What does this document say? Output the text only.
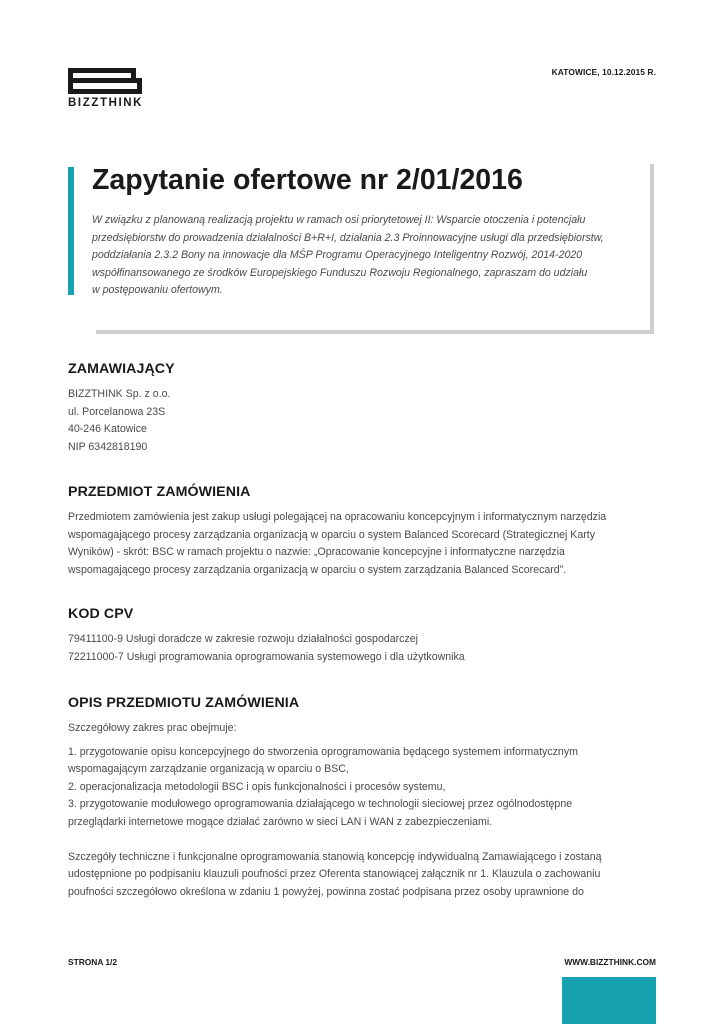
BIZZTHINK
KATOWICE, 10.12.2015 R.
Zapytanie ofertowe nr 2/01/2016
W związku z planowaną realizacją projektu w ramach osi priorytetowej II: Wsparcie otoczenia i potencjału
przedsiębiorstw do prowadzenia działalności B+R+I, działania 2.3 Proinnowacyjne usługi dla przedsiębiorstw,
poddziałania 2.3.2 Bony na innowacje dla MŚP Programu Operacyjnego Inteligentny Rozwój, 2014-2020
współfinansowanego ze środków Europejskiego Funduszu Rozwoju Regionalnego, zapraszam do udziału
w postępowaniu ofertowym.
ZAMAWIAJĄCY

BIZZTHINK Sp. z o.o.
ul. Porcelanowa 23S
40-246 Katowice
NIP 6342818190

PRZEDMIOT ZAMÓWIENIA

Przedmiotem zamówienia jest zakup usługi polegającej na opracowaniu koncepcyjnym i informatycznym narzędzia
wspomagającego procesy zarządzania organizacją w oparciu o system Balanced Scorecard (Strategicznej Karty
Wyników) - skrót: BSC w ramach projektu o nazwie: „Opracowanie koncepcyjne i informatyczne narzędzia
wspomagającego procesy zarządzania organizacją w oparciu o system zarządzania Balanced Scorecard”.

KOD CPV

79411100-9 Usługi doradcze w zakresie rozwoju działalności gospodarczej
72211000-7 Usługi programowania oprogramowania systemowego i dla użytkownika

OPIS PRZEDMIOTU ZAMÓWIENIA

Szczegółowy zakres prac obejmuje:

1. przygotowanie opisu koncepcyjnego do stworzenia oprogramowania będącego systemem informatycznym
wspomagającym zarządzanie organizacją w oparciu o BSC,
2. operacjonalizacja metodologii BSC i opis funkcjonalności i procesów systemu,
3. przygotowanie modułowego oprogramowania działającego w technologii sieciowej przez ogólnodostępne
przeglądarki internetowe mogące działać zarówno w sieci LAN i WAN z zabezpieczeniami.

Szczegóły techniczne i funkcjonalne oprogramowania stanowią koncepcję indywidualną Zamawiającego i zostaną
udostępnione po podpisaniu klauzuli poufności przez Oferenta stanowiącej załącznik nr 1. Klauzula o zachowaniu
poufności szczegółowo określona w zdaniu 1 powyżej, powinna zostać podpisana przez osoby uprawnione do

STRONA 1/2	WWW.BIZZTHINK.COM
